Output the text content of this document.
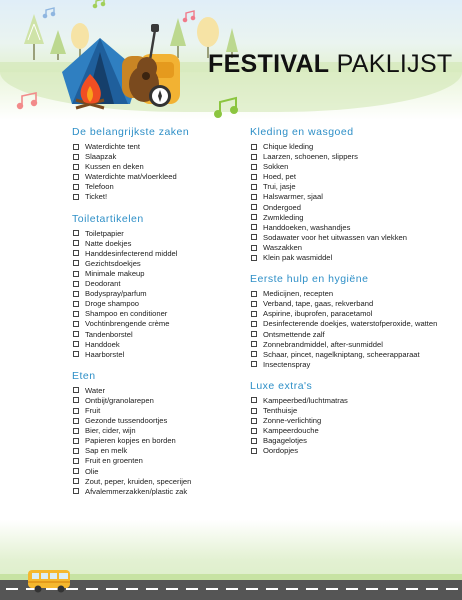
FESTIVAL PAKLIJST
De belangrijkste zaken
Waterdichte tent
Slaapzak
Kussen en deken
Waterdichte mat/vloerkleed
Telefoon
Ticket!
Toiletartikelen
Toiletpapier
Natte doekjes
Handdesinfecterend middel
Gezichtsdoekjes
Minimale makeup
Deodorant
Bodyspray/parfum
Droge shampoo
Shampoo en conditioner
Vochtinbrengende crème
Tandenborstel
Handdoek
Haarborstel
Eten
Water
Ontbijt/granolarepen
Fruit
Gezonde tussendoortjes
Bier, cider, wijn
Papieren kopjes en borden
Sap en melk
Fruit en groenten
Olie
Zout, peper, kruiden, specerijen
Afvalemmerzakken/plastic zak
Kleding en wasgoed
Chique kleding
Laarzen, schoenen, slippers
Sokken
Hoed, pet
Trui, jasje
Halswarmer, sjaal
Ondergoed
Zwmkleding
Handdoeken, washandjes
Sodawater voor het uitwassen van vlekken
Waszakken
Klein pak wasmiddel
Eerste hulp en hygiëne
Medicijnen, recepten
Verband, tape, gaas, rekverband
Aspirine, ibuprofen, paracetamol
Desinfecterende doekjes, waterstofperoxide, watten
Ontsmettende zalf
Zonnebrandmiddel, after-sunmiddel
Schaar, pincet, nagelkniptang, scheerapparaat
Insectenspray
Luxe extra's
Kampeerbed/luchtmatras
Tenthuisje
Zonne-verlichting
Kampeerdouche
Bagagelotjes
Oordopjes
